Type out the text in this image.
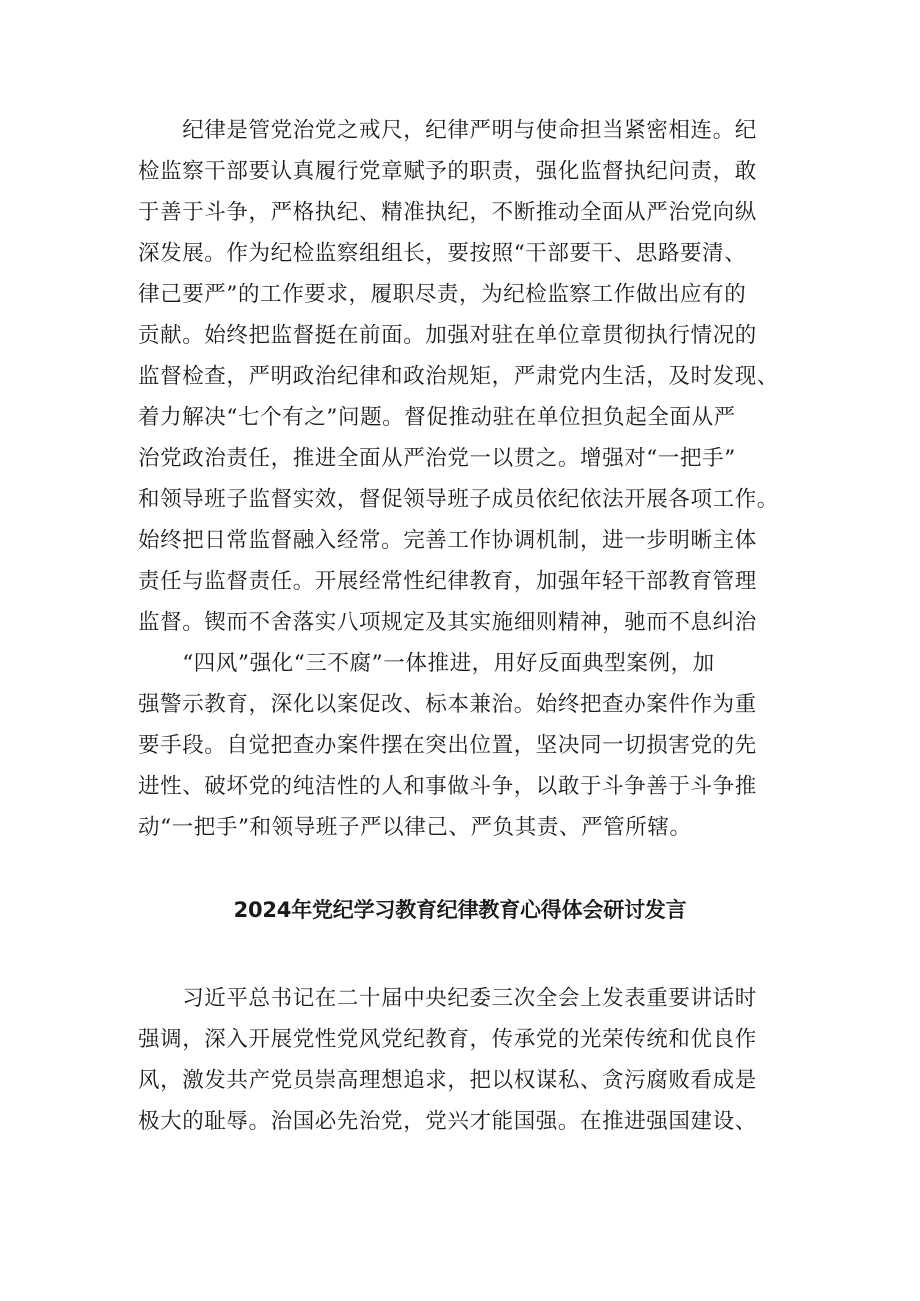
　　纪律是管党治党之戒尺，纪律严明与使命担当紧密相连。纪
检监察干部要认真履行党章赋予的职责，强化监督执纪问责，敢
于善于斗争，严格执纪、精准执纪，不断推动全面从严治党向纵
深发展。作为纪检监察组组长，要按照“干部要干、思路要清、
律己要严”的工作要求，履职尽责，为纪检监察工作做出应有的
贡献。始终把监督挺在前面。加强对驻在单位章贯彻执行情况的
监督检查，严明政治纪律和政治规矩，严肃党内生活，及时发现、
着力解决“七个有之”问题。督促推动驻在单位担负起全面从严
治党政治责任，推进全面从严治党一以贯之。增强对“一把手”
和领导班子监督实效，督促领导班子成员依纪依法开展各项工作。
始终把日常监督融入经常。完善工作协调机制，进一步明晰主体
责任与监督责任。开展经常性纪律教育，加强年轻干部教育管理
监督。锲而不舍落实八项规定及其实施细则精神，驰而不息纠治
　　“四风”强化“三不腐”一体推进，用好反面典型案例，加
强警示教育，深化以案促改、标本兼治。始终把查办案件作为重
要手段。自觉把查办案件摆在突出位置，坚决同一切损害党的先
进性、破坏党的纯洁性的人和事做斗争，以敢于斗争善于斗争推
动“一把手”和领导班子严以律己、严负其责、严管所辖。
2024年党纪学习教育纪律教育心得体会研讨发言
　　习近平总书记在二十届中央纪委三次全会上发表重要讲话时
强调，深入开展党性党风党纪教育，传承党的光荣传统和优良作
风，激发共产党员崇高理想追求，把以权谋私、贪污腐败看成是
极大的耻辱。治国必先治党，党兴才能国强。在推进强国建设、
